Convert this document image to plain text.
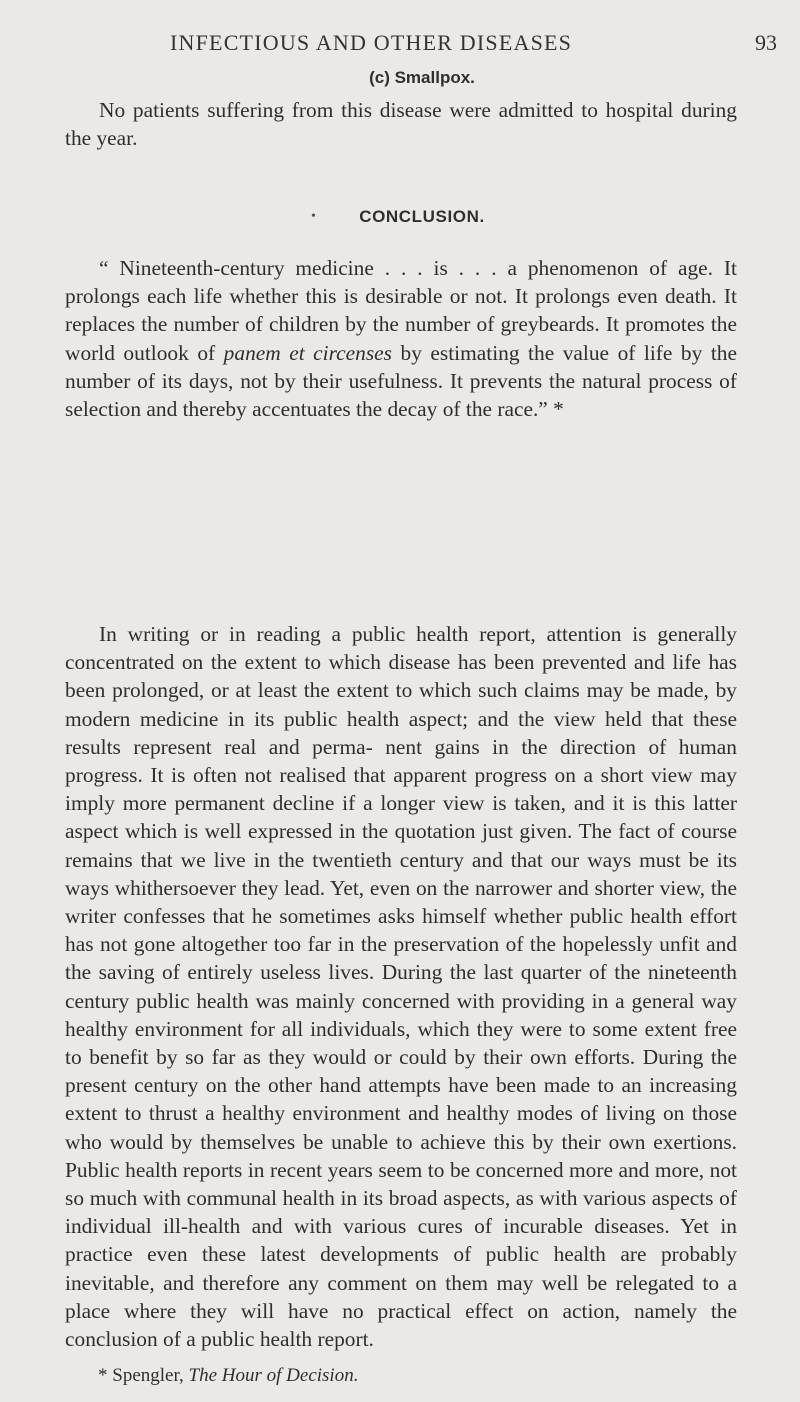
INFECTIOUS AND OTHER DISEASES	93
(c) Smallpox.
No patients suffering from this disease were admitted to hospital during the year.
•	CONCLUSION.
“ Nineteenth-century medicine . . . is . . . a phenomenon of age. It prolongs each life whether this is desirable or not. It prolongs even death. It replaces the number of children by the number of greybeards. It promotes the world outlook of panem et circenses by estimating the value of life by the number of its days, not by their usefulness. It prevents the natural process of selection and thereby accentuates the decay of the race.” *
In writing or in reading a public health report, attention is generally concentrated on the extent to which disease has been prevented and life has been prolonged, or at least the extent to which such claims may be made, by modern medicine in its public health aspect; and the view held that these results represent real and perma- nent gains in the direction of human progress. It is often not realised that apparent progress on a short view may imply more permanent decline if a longer view is taken, and it is this latter aspect which is well expressed in the quotation just given. The fact of course remains that we live in the twentieth century and that our ways must be its ways whithersoever they lead. Yet, even on the narrower and shorter view, the writer confesses that he sometimes asks himself whether public health effort has not gone altogether too far in the preservation of the hopelessly unfit and the saving of entirely useless lives. During the last quarter of the nineteenth century public health was mainly concerned with providing in a general way healthy environment for all individuals, which they were to some extent free to benefit by so far as they would or could by their own efforts. During the present century on the other hand attempts have been made to an increasing extent to thrust a healthy environment and healthy modes of living on those who would by themselves be unable to achieve this by their own exertions. Public health reports in recent years seem to be concerned more and more, not so much with communal health in its broad aspects, as with various aspects of individual ill-health and with various cures of incurable diseases. Yet in practice even these latest developments of public health are probably inevitable, and therefore any comment on them may well be relegated to a place where they will have no practical effect on action, namely the conclusion of a public health report.
* Spengler, The Hour of Decision.
